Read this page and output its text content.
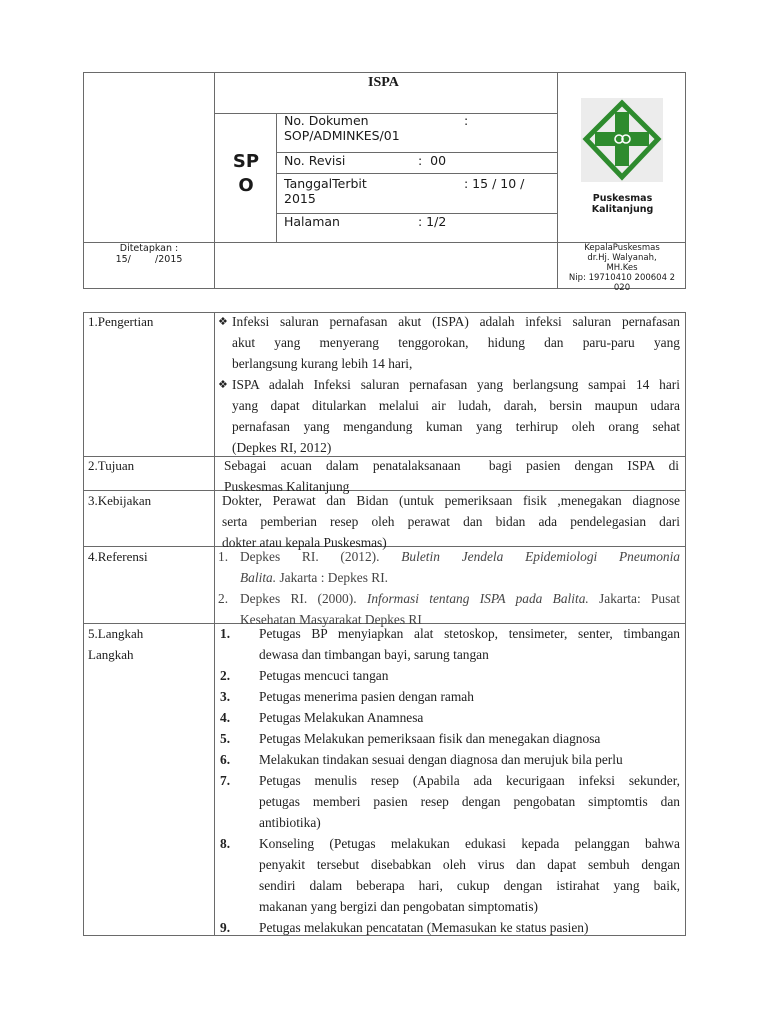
ISPA
SP
O
No. Dokumen	:
SOP/ADMINKES/01
No. Revisi	:  00
TanggalTerbit	: 15 / 10 /
2015
Halaman	: 1/2
Puskesmas
Kalitanjung
Ditetapkan :
15/        /2015
KepalaPuskesmas
dr.Hj. Walyanah,
MH.Kes
Nip: 19710410 200604 2
020
1.Pengertian	❖ Infeksi saluran pernafasan akut (ISPA) adalah infeksi saluran pernafasan
akut yang menyerang tenggorokan, hidung dan paru-paru yang
berlangsung kurang lebih 14 hari,
❖ ISPA adalah Infeksi saluran pernafasan yang berlangsung sampai 14 hari
yang dapat ditularkan melalui air ludah, darah, bersin maupun udara
pernafasan yang mengandung kuman yang terhirup oleh orang sehat
(Depkes RI, 2012)
2.Tujuan	Sebagai acuan dalam penatalaksanaan  bagi pasien dengan ISPA di
Puskesmas Kalitanjung
3.Kebijakan	Dokter, Perawat dan Bidan (untuk pemeriksaan fisik ,menegakan diagnose
serta pemberian resep oleh perawat dan bidan ada pendelegasian dari
dokter atau kepala Puskesmas)
4.Referensi	1. Depkes RI. (2012). Buletin Jendela Epidemiologi Pneumonia
Balita. Jakarta : Depkes RI.
2. Depkes RI. (2000). Informasi tentang ISPA pada Balita. Jakarta: Pusat
Kesehatan Masyarakat Depkes RI
5.Langkah
Langkah
1. Petugas BP menyiapkan alat stetoskop, tensimeter, senter, timbangan
dewasa dan timbangan bayi, sarung tangan
2. Petugas mencuci tangan
3. Petugas menerima pasien dengan ramah
4. Petugas Melakukan Anamnesa
5. Petugas Melakukan pemeriksaan fisik dan menegakan diagnosa
6. Melakukan tindakan sesuai dengan diagnosa dan merujuk bila perlu
7. Petugas menulis resep (Apabila ada kecurigaan infeksi sekunder,
petugas memberi pasien resep dengan pengobatan simptomtis dan
antibiotika)
8. Konseling (Petugas melakukan edukasi kepada pelanggan bahwa
penyakit tersebut disebabkan oleh virus dan dapat sembuh dengan
sendiri dalam beberapa hari, cukup dengan istirahat yang baik,
makanan yang bergizi dan pengobatan simptomatis)
9. Petugas melakukan pencatatan (Memasukan ke status pasien)
